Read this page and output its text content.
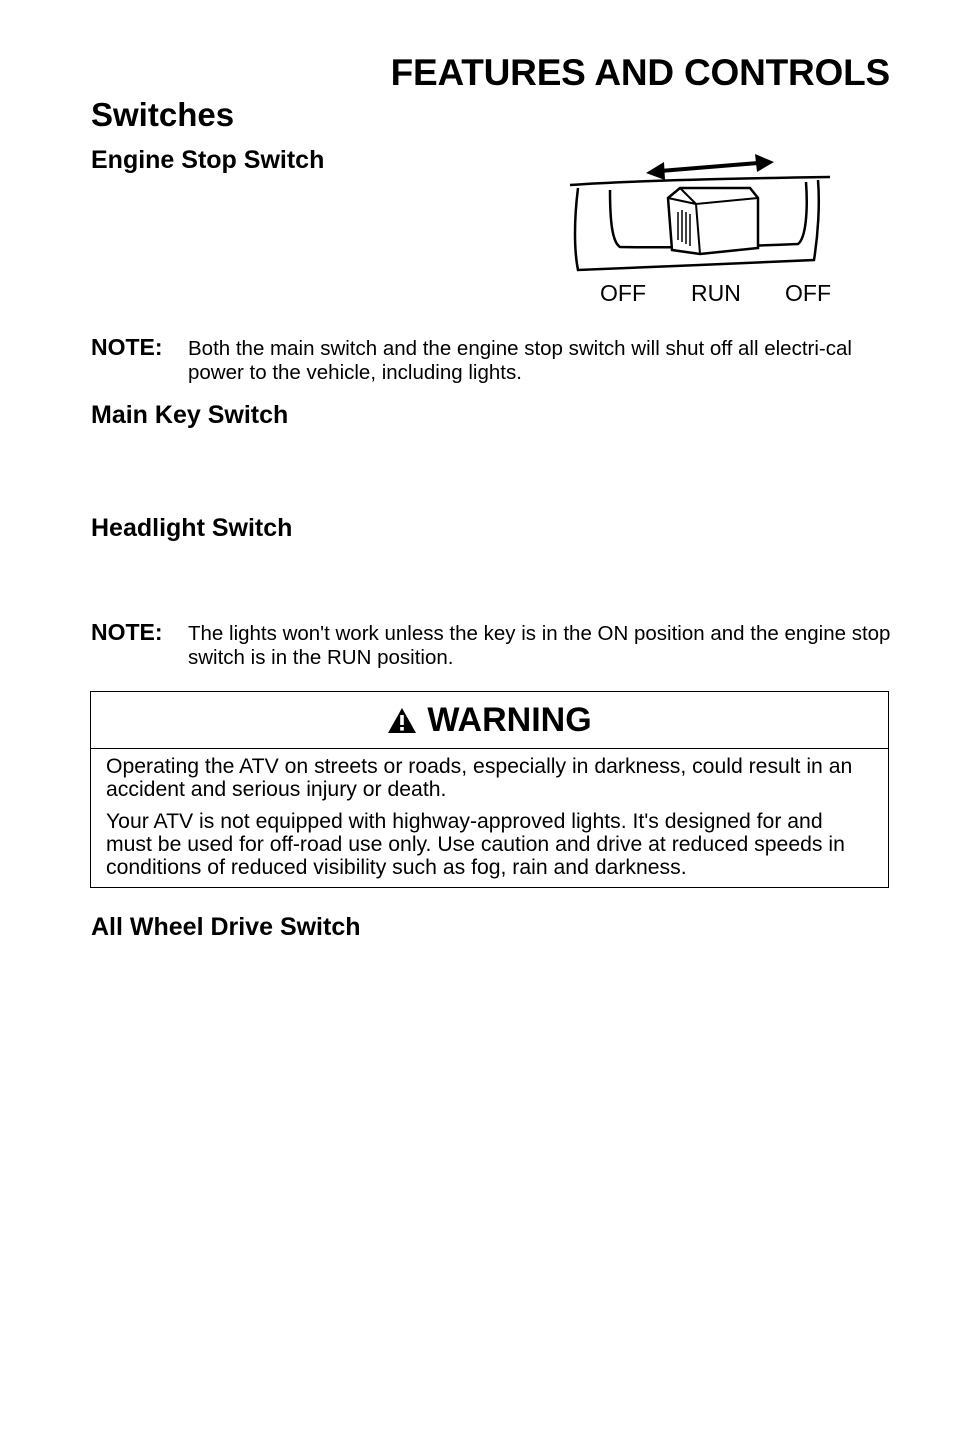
FEATURES AND CONTROLS
Switches
Engine Stop Switch
OFF RUN OFF
NOTE: Both the main switch and the engine stop switch will shut off all electri-cal power to the vehicle, including lights.
Main Key Switch
Headlight Switch
NOTE: The lights won't work unless the key is in the ON position and the engine stop switch is in the RUN position.
WARNING

Operating the ATV on streets or roads, especially in darkness, could result in an accident and serious injury or death.

Your ATV is not equipped with highway-approved lights. It's designed for and must be used for off-road use only. Use caution and drive at reduced speeds in conditions of reduced visibility such as fog, rain and darkness.

All Wheel Drive Switch
